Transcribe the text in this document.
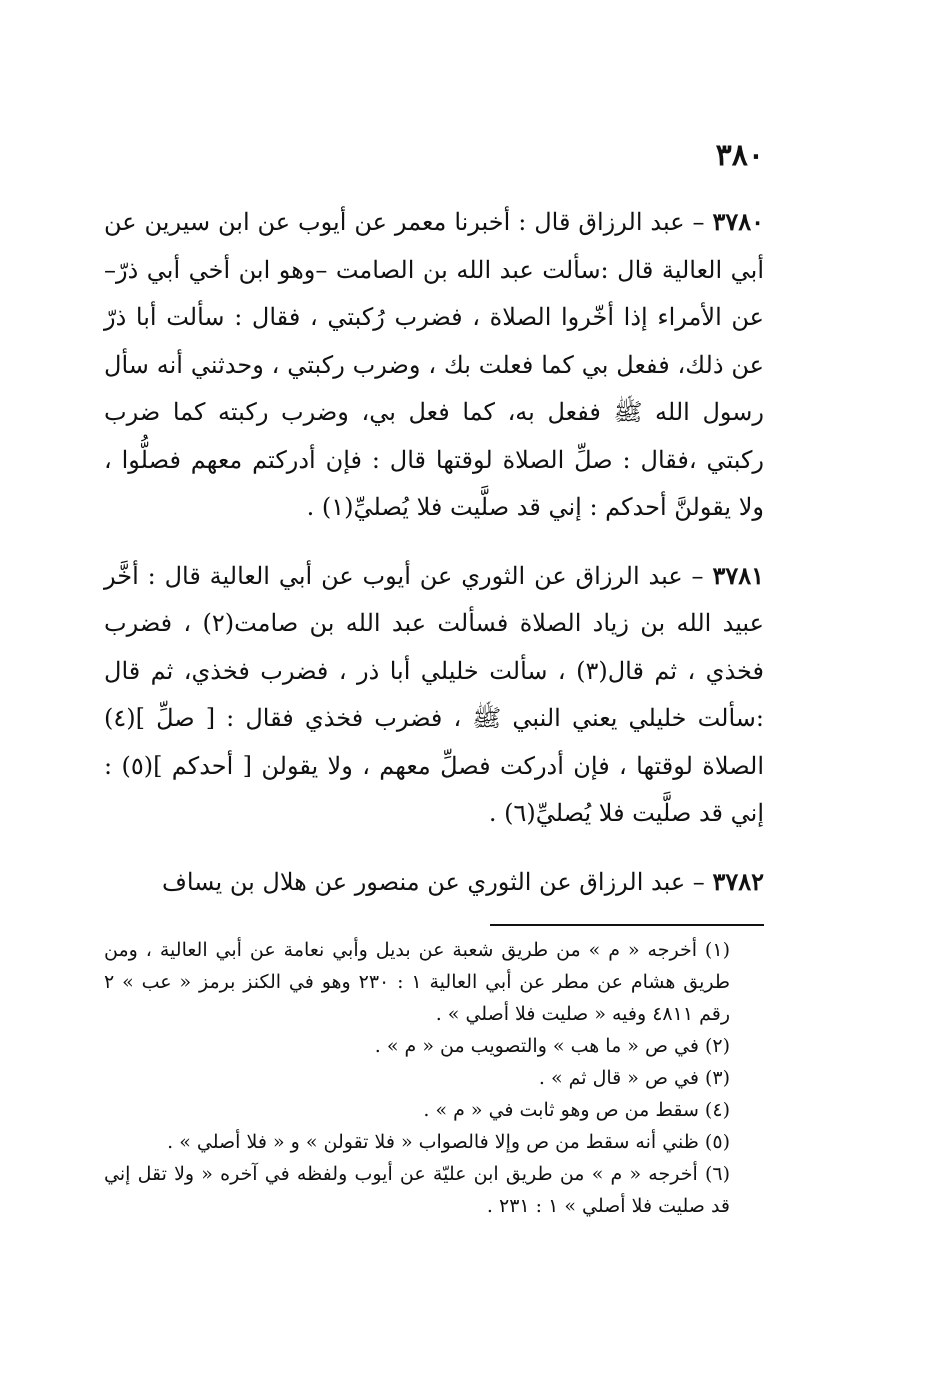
٣٨٠

٣٧٨٠ – عبد الرزاق قال : أخبرنا معمر عن أيوب عن ابن سيرين عن أبي العالية قال :سألت عبد الله بن الصامت –وهو ابن أخي أبي ذرّ– عن الأمراء إذا أخّروا الصلاة ، فضرب رُكبتي ، فقال : سألت أبا ذرّ عن ذلك، ففعل بي كما فعلت بك ، وضرب ركبتي ، وحدثني أنه سأل رسول الله ﷺ ففعل به، كما فعل بي، وضرب ركبته كما ضرب ركبتي ،فقال : صلِّ الصلاة لوقتها قال : فإن أدركتم معهم فصلُّوا ، ولا يقولنَّ أحدكم : إني قد صلَّيت فلا يُصليِّ(١) .

٣٧٨١ – عبد الرزاق عن الثوري عن أيوب عن أبي العالية قال : أخَّر عبيد الله بن زياد الصلاة فسألت عبد الله بن صامت(٢) ، فضرب فخذي ، ثم قال(٣) ، سألت خليلي أبا ذر ، فضرب فخذي، ثم قال :سألت خليلي يعني النبي ﷺ ، فضرب فخذي فقال : [ صلِّ ](٤) الصلاة لوقتها ، فإن أدركت فصلِّ معهم ، ولا يقولن [ أحدكم ](٥) : إني قد صلَّيت فلا يُصليِّ(٦) .

٣٧٨٢ – عبد الرزاق عن الثوري عن منصور عن هلال بن يساف

(١) أخرجه « م » من طريق شعبة عن بديل وأبي نعامة عن أبي العالية ، ومن طريق هشام عن مطر عن أبي العالية ١ : ٢٣٠ وهو في الكنز برمز « عب » ٢ رقم ٤٨١١ وفيه « صليت فلا أصلي » .

(٢) في ص « ما هب » والتصويب من « م » .

(٣) في ص « قال ثم » .

(٤) سقط من ص وهو ثابت في « م » .

(٥) ظني أنه سقط من ص وإلا فالصواب « فلا تقولن » و « فلا أصلي » .

(٦) أخرجه « م » من طريق ابن عليّة عن أيوب ولفظه في آخره « ولا تقل إني قد صليت فلا أصلي » ١ : ٢٣١ .
